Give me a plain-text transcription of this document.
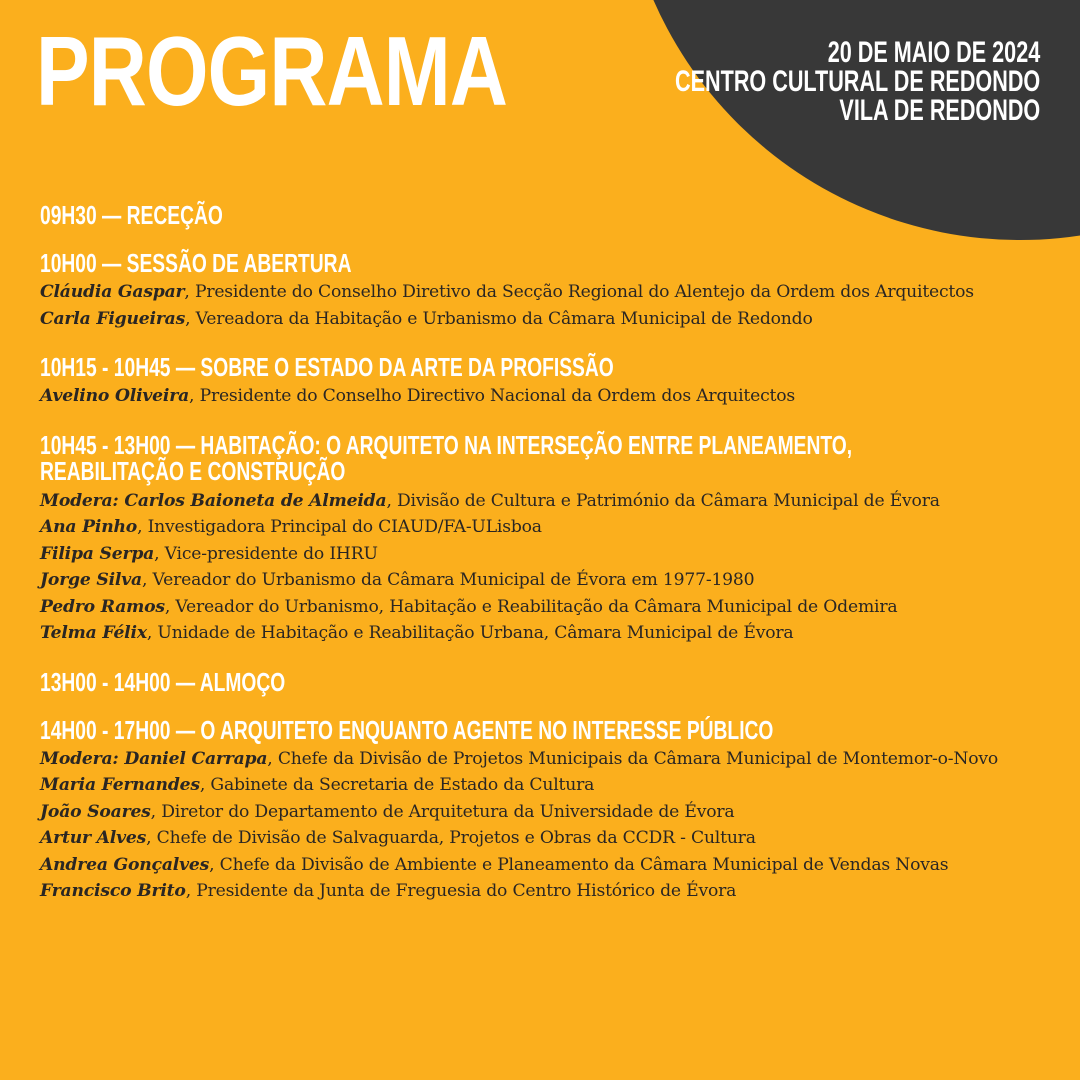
PROGRAMA	20 DE MAIO DE 2024
CENTRO CULTURAL DE REDONDO
VILA DE REDONDO
09H30 — RECEÇÃO
10H00 — SESSÃO DE ABERTURA
Cláudia Gaspar, Presidente do Conselho Diretivo da Secção Regional do Alentejo da Ordem dos Arquitectos
Carla Figueiras, Vereadora da Habitação e Urbanismo da Câmara Municipal de Redondo
10H15 - 10H45 — SOBRE O ESTADO DA ARTE DA PROFISSÃO
Avelino Oliveira, Presidente do Conselho Directivo Nacional da Ordem dos Arquitectos
10H45 - 13H00 — HABITAÇÃO: O ARQUITETO NA INTERSEÇÃO ENTRE PLANEAMENTO,
REABILITAÇÃO E CONSTRUÇÃO
Modera: Carlos Baioneta de Almeida, Divisão de Cultura e Património da Câmara Municipal de Évora
Ana Pinho, Investigadora Principal do CIAUD/FA-ULisboa
Filipa Serpa, Vice-presidente do IHRU
Jorge Silva, Vereador do Urbanismo da Câmara Municipal de Évora em 1977-1980
Pedro Ramos, Vereador do Urbanismo, Habitação e Reabilitação da Câmara Municipal de Odemira
Telma Félix, Unidade de Habitação e Reabilitação Urbana, Câmara Municipal de Évora
13H00 - 14H00 — ALMOÇO
14H00 - 17H00 — O ARQUITETO ENQUANTO AGENTE NO INTERESSE PÚBLICO
Modera: Daniel Carrapa, Chefe da Divisão de Projetos Municipais da Câmara Municipal de Montemor-o-Novo
Maria Fernandes, Gabinete da Secretaria de Estado da Cultura
João Soares, Diretor do Departamento de Arquitetura da Universidade de Évora
Artur Alves, Chefe de Divisão de Salvaguarda, Projetos e Obras da CCDR - Cultura
Andrea Gonçalves, Chefe da Divisão de Ambiente e Planeamento da Câmara Municipal de Vendas Novas
Francisco Brito, Presidente da Junta de Freguesia do Centro Histórico de Évora
